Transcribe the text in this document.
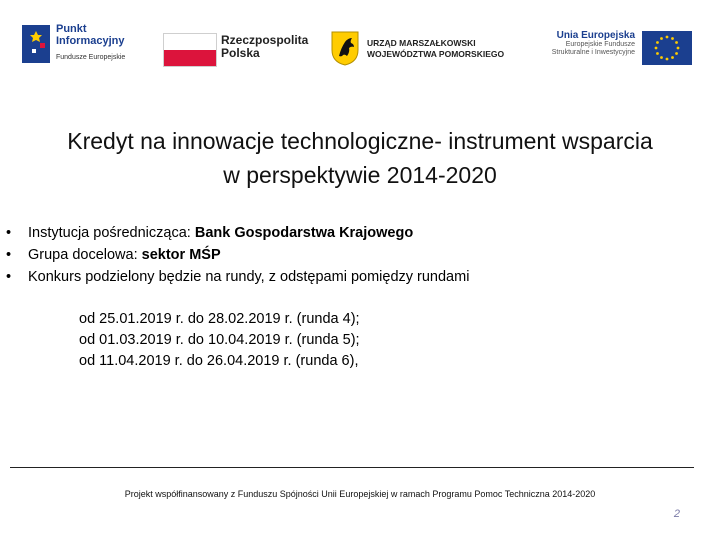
Punkt
Informacyjny
Fundusze Europejskie
Rzeczpospolita
Polska
URZĄD MARSZAŁKOWSKI
WOJEWÓDZTWA POMORSKIEGO
Unia Europejska
Europejskie Fundusze
Strukturalne i Inwestycyjne
Kredyt na innowacje technologiczne- instrument wsparcia
w perspektywie 2014-2020
• Instytucja pośrednicząca: Bank Gospodarstwa Krajowego
• Grupa docelowa: sektor MŚP
• Konkurs podzielony będzie na rundy, z odstępami pomiędzy rundami
od 25.01.2019 r. do 28.02.2019 r. (runda 4);
od 01.03.2019 r. do 10.04.2019 r. (runda 5);
od 11.04.2019 r. do 26.04.2019 r. (runda 6),
Projekt współfinansowany z Funduszu Spójności Unii Europejskiej w ramach Programu Pomoc Techniczna 2014-2020
2
